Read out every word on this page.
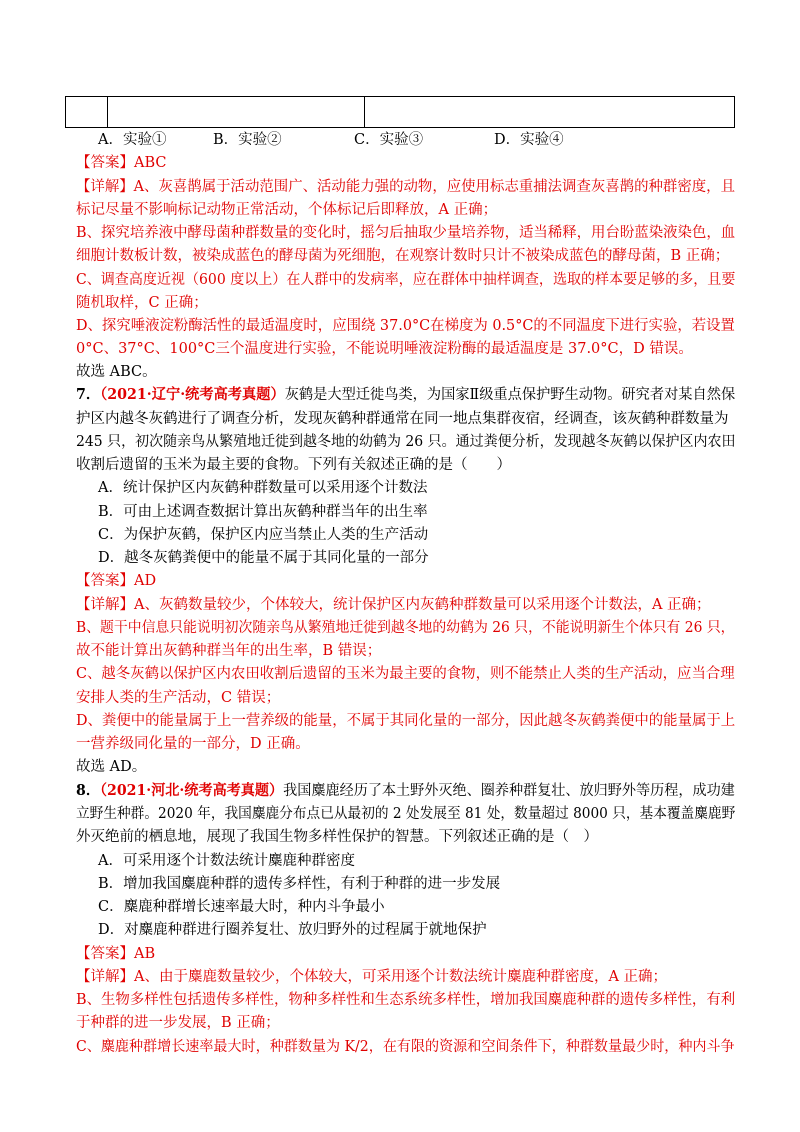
A．实验①	B．实验②	C．实验③	D．实验④
【答案】ABC
【详解】A、灰喜鹊属于活动范围广、活动能力强的动物，应使用标志重捕法调查灰喜鹊的种群密度，且
标记尽量不影响标记动物正常活动，个体标记后即释放，A 正确；
B、探究培养液中酵母菌种群数量的变化时，摇匀后抽取少量培养物，适当稀释，用台盼蓝染液染色，血
细胞计数板计数，被染成蓝色的酵母菌为死细胞，在观察计数时只计不被染成蓝色的酵母菌，B 正确；
C、调查高度近视（600 度以上）在人群中的发病率，应在群体中抽样调查，选取的样本要足够的多，且要
随机取样，C 正确；
D、探究唾液淀粉酶活性的最适温度时，应围绕 37.0°C在梯度为 0.5°C的不同温度下进行实验，若设置
0°C、37°C、100°C三个温度进行实验，不能说明唾液淀粉酶的最适温度是 37.0°C，D 错误。
故选 ABC。
7．（2021·辽宁·统考高考真题）灰鹤是大型迁徙鸟类，为国家Ⅱ级重点保护野生动物。研究者对某自然保
护区内越冬灰鹤进行了调查分析，发现灰鹤种群通常在同一地点集群夜宿，经调查，该灰鹤种群数量为
245 只，初次随亲鸟从繁殖地迁徙到越冬地的幼鹤为 26 只。通过粪便分析，发现越冬灰鹤以保护区内农田
收割后遗留的玉米为最主要的食物。下列有关叙述正确的是（　　）
A．统计保护区内灰鹤种群数量可以采用逐个计数法
B．可由上述调查数据计算出灰鹤种群当年的出生率
C．为保护灰鹤，保护区内应当禁止人类的生产活动
D．越冬灰鹤粪便中的能量不属于其同化量的一部分
【答案】AD
【详解】A、灰鹤数量较少，个体较大，统计保护区内灰鹤种群数量可以采用逐个计数法，A 正确；
B、题干中信息只能说明初次随亲鸟从繁殖地迁徙到越冬地的幼鹤为 26 只，不能说明新生个体只有 26 只，
故不能计算出灰鹤种群当年的出生率，B 错误；
C、越冬灰鹤以保护区内农田收割后遗留的玉米为最主要的食物，则不能禁止人类的生产活动，应当合理
安排人类的生产活动，C 错误；
D、粪便中的能量属于上一营养级的能量，不属于其同化量的一部分，因此越冬灰鹤粪便中的能量属于上
一营养级同化量的一部分，D 正确。
故选 AD。
8．（2021·河北·统考高考真题）我国麋鹿经历了本土野外灭绝、圈养种群复壮、放归野外等历程，成功建
立野生种群。2020 年，我国麋鹿分布点已从最初的 2 处发展至 81 处，数量超过 8000 只，基本覆盖麋鹿野
外灭绝前的栖息地，展现了我国生物多样性保护的智慧。下列叙述正确的是（　）
A．可采用逐个计数法统计麋鹿种群密度
B．增加我国麋鹿种群的遗传多样性，有利于种群的进一步发展
C．麋鹿种群增长速率最大时，种内斗争最小
D．对麋鹿种群进行圈养复壮、放归野外的过程属于就地保护
【答案】AB
【详解】A、由于麋鹿数量较少，个体较大，可采用逐个计数法统计麋鹿种群密度，A 正确；
B、生物多样性包括遗传多样性，物种多样性和生态系统多样性，增加我国麋鹿种群的遗传多样性，有利
于种群的进一步发展，B 正确；
C、麋鹿种群增长速率最大时，种群数量为 K/2，在有限的资源和空间条件下，种群数量最少时，种内斗争
